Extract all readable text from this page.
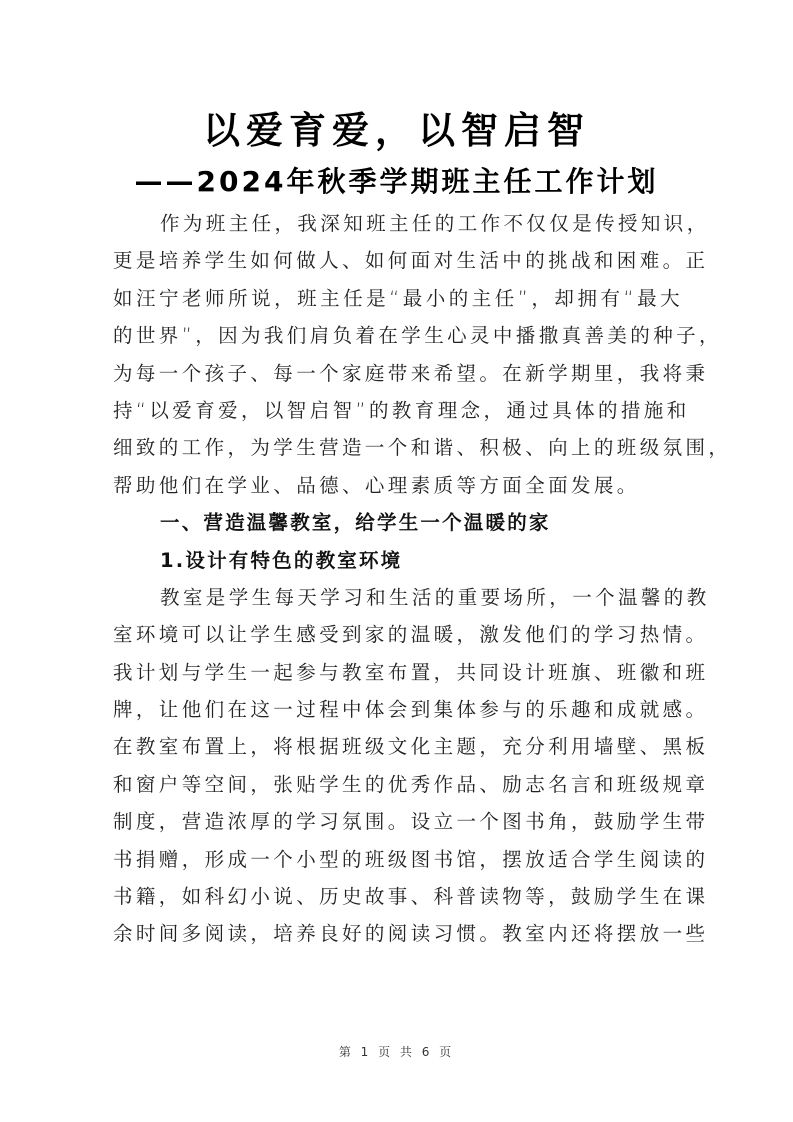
以爱育爱，以智启智
——2024年秋季学期班主任工作计划
作为班主任，我深知班主任的工作不仅仅是传授知识，
更是培养学生如何做人、如何面对生活中的挑战和困难。正
如汪宁老师所说，班主任是“最小的主任”，却拥有“最大
的世界”，因为我们肩负着在学生心灵中播撒真善美的种子，
为每一个孩子、每一个家庭带来希望。在新学期里，我将秉
持“以爱育爱，以智启智”的教育理念，通过具体的措施和
细致的工作，为学生营造一个和谐、积极、向上的班级氛围，
帮助他们在学业、品德、心理素质等方面全面发展。
一、营造温馨教室，给学生一个温暖的家
1.设计有特色的教室环境
教室是学生每天学习和生活的重要场所，一个温馨的教
室环境可以让学生感受到家的温暖，激发他们的学习热情。
我计划与学生一起参与教室布置，共同设计班旗、班徽和班
牌，让他们在这一过程中体会到集体参与的乐趣和成就感。
在教室布置上，将根据班级文化主题，充分利用墙壁、黑板
和窗户等空间，张贴学生的优秀作品、励志名言和班级规章
制度，营造浓厚的学习氛围。设立一个图书角，鼓励学生带
书捐赠，形成一个小型的班级图书馆，摆放适合学生阅读的
书籍，如科幻小说、历史故事、科普读物等，鼓励学生在课
余时间多阅读，培养良好的阅读习惯。教室内还将摆放一些
第 1 页 共 6 页
